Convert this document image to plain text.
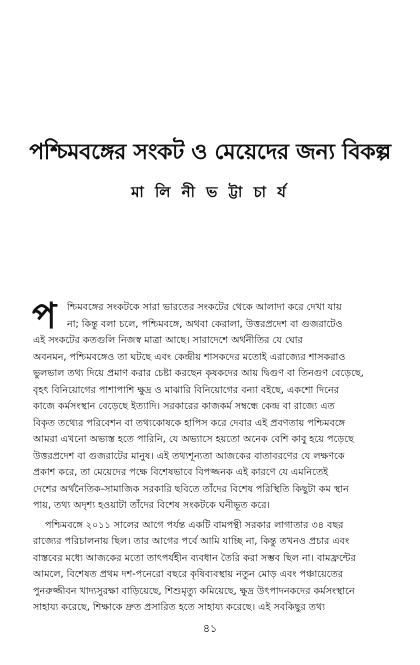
পশ্চিমবঙ্গের সংকট ও মেয়েদের জন্য বিকল্প
মা লি নী ভ ট্টা চা র্য
প	শ্চিমবঙ্গের সংকটকে সারা ভারতের সংকটের থেকে আলাদা করে দেখা যায়
না; কিন্তু বলা চলে, পশ্চিমবঙ্গে, অথবা কেরালা, উত্তরপ্রদেশ বা গুজরাটেও
এই সংকটের কতগুলি নিজস্ব মাত্রা আছে। সারাদেশে অর্থনীতির যে ঘোর
অবনমন, পশ্চিমবঙ্গেও তা ঘটছে এবং কেন্দ্রীয় শাসকদের মতোই এরাজ্যের শাসকরাও
ভুলভাল তথ্য দিয়ে প্রমাণ করার চেষ্টা করছেন কৃষকদের আয় দ্বিগুণ বা তিনগুণ বেড়েছে,
বৃহৎ বিনিয়োগের পাশাপাশি ক্ষুদ্র ও মাঝারি বিনিয়োগের বন্যা বইছে, একশো দিনের
কাজে কর্মসংস্থান বেড়েছে ইত্যাদি। সরকারের কাজকর্ম সম্বন্ধে কেন্দ্র বা রাজ্যে এত
বিকৃত তথ্যের পরিবেশন বা তথ্যকোষকে হাপিস করে দেবার এই প্রবণতায় পশ্চিমবঙ্গে
আমরা এখনো অভ্যস্ত হতে পারিনি, যে অভ্যাসে হয়তো অনেক বেশি কাবু হয়ে পড়েছে
উত্তরপ্রদেশ বা গুজরাটের মানুষ। এই তথ্যশূন্যতা আজকের বাতাবরণের যে লক্ষণকে
প্রকাশ করে, তা মেয়েদের পক্ষে বিশেষভাবে বিপজ্জনক এই কারণে যে এমনিতেই
দেশের অর্থনৈতিক-সামাজিক সরকারি ছবিতে তাঁদের বিশেষ পরিস্থিতি কিছুটা কম স্থান
পায়, তথ্য অদৃশ্য হওয়াটা তাঁদের বিশেষ সংকটকে ঘনীভূত করে।
পশ্চিমবঙ্গে ২০১১ সালের আগে পর্যন্ত একটি বামপন্থী সরকার লাগাতার ৩৪ বছর
রাজ্যের পরিচালনায় ছিল। তার আগের পর্বে আমি যাচ্ছি না, কিন্তু তখনও প্রচার এবং
বাস্তবের মধ্যে আজকের মতো তাৎপর্যহীন ব্যবধান তৈরি করা সম্ভব ছিল না। বামফ্রন্টের
আমলে, বিশেষত প্রথম দশ-পনেরো বছরে কৃষিব্যবস্থায় নতুন মোড় এবং পঞ্চায়েতের
পুনরুজ্জীবন খাদ্যসুরক্ষা বাড়িয়েছে, শিশুমৃত্যু কমিয়েছে, ক্ষুদ্র উৎপাদনকদের কর্মসংস্থানে
সাহায্য করেছে, শিক্ষাকে দ্রুত প্রসারিত হতে সাহায্য করেছে। এই সবকিছুর তথ্য
৪১
